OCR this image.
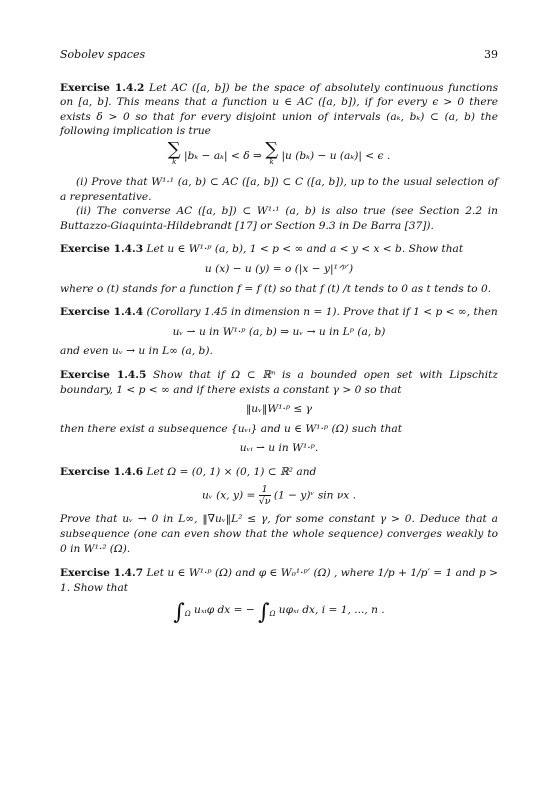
Sobolev spaces	39
Exercise 1.4.2 Let AC ([a, b]) be the space of absolutely continuous functions on [a, b]. This means that a function u ∈ AC ([a, b]), if for every ϵ > 0 there exists δ > 0 so that for every disjoint union of intervals (aₖ, bₖ) ⊂ (a, b) the following implication is true
∑
k |bₖ − aₖ| < δ ⇒ ∑
k |u (bₖ) − u (aₖ)| < ϵ .
(i) Prove that W¹·¹ (a, b) ⊂ AC ([a, b]) ⊂ C ([a, b]), up to the usual selection of a representative.
(ii) The converse AC ([a, b]) ⊂ W¹·¹ (a, b) is also true (see Section 2.2 in Buttazzo-Giaquinta-Hildebrandt [17] or Section 9.3 in De Barra [37]).
Exercise 1.4.3 Let u ∈ W¹·ᵖ (a, b), 1 < p < ∞ and a < y < x < b. Show that
u (x) − u (y) = o (|x − y|¹ᐟᵖ′)
where o (t) stands for a function f = f (t) so that f (t) /t tends to 0 as t tends to 0.
Exercise 1.4.4 (Corollary 1.45 in dimension n = 1). Prove that if 1 < p < ∞, then
uᵥ ⇀ u in W¹·ᵖ (a, b) ⇒ uᵥ → u in Lᵖ (a, b)
and even uᵥ → u in L∞ (a, b).
Exercise 1.4.5 Show that if Ω ⊂ ℝⁿ is a bounded open set with Lipschitz boundary, 1 < p < ∞ and if there exists a constant γ > 0 so that
‖uᵥ‖W¹·ᵖ ≤ γ
then there exist a subsequence {uᵥᵢ} and u ∈ W¹·ᵖ (Ω) such that
uᵥᵢ ⇀ u in W¹·ᵖ.
Exercise 1.4.6 Let Ω = (0, 1) × (0, 1) ⊂ ℝ² and
uᵥ (x, $y) = \frac{1}{√\nu} (1$ − y)ᵛ sin νx .
Prove that uᵥ → 0 in L∞, ‖∇uᵥ‖L² ≤ γ, for some constant γ > 0. Deduce that a subsequence (one can even show that the whole sequence) converges weakly to 0 in W¹·² (Ω).
Exercise 1.4.7 Let u ∈ W¹·ᵖ (Ω) and φ ∈ W₀¹·ᵖ′ (Ω) , where 1/p + 1/p′ = 1 and p > 1. Show that
$\int_\Omega$ uₓᵢφ dx = − $\int_\Omega$ uφₓᵢ dx, i = 1, ..., n .
